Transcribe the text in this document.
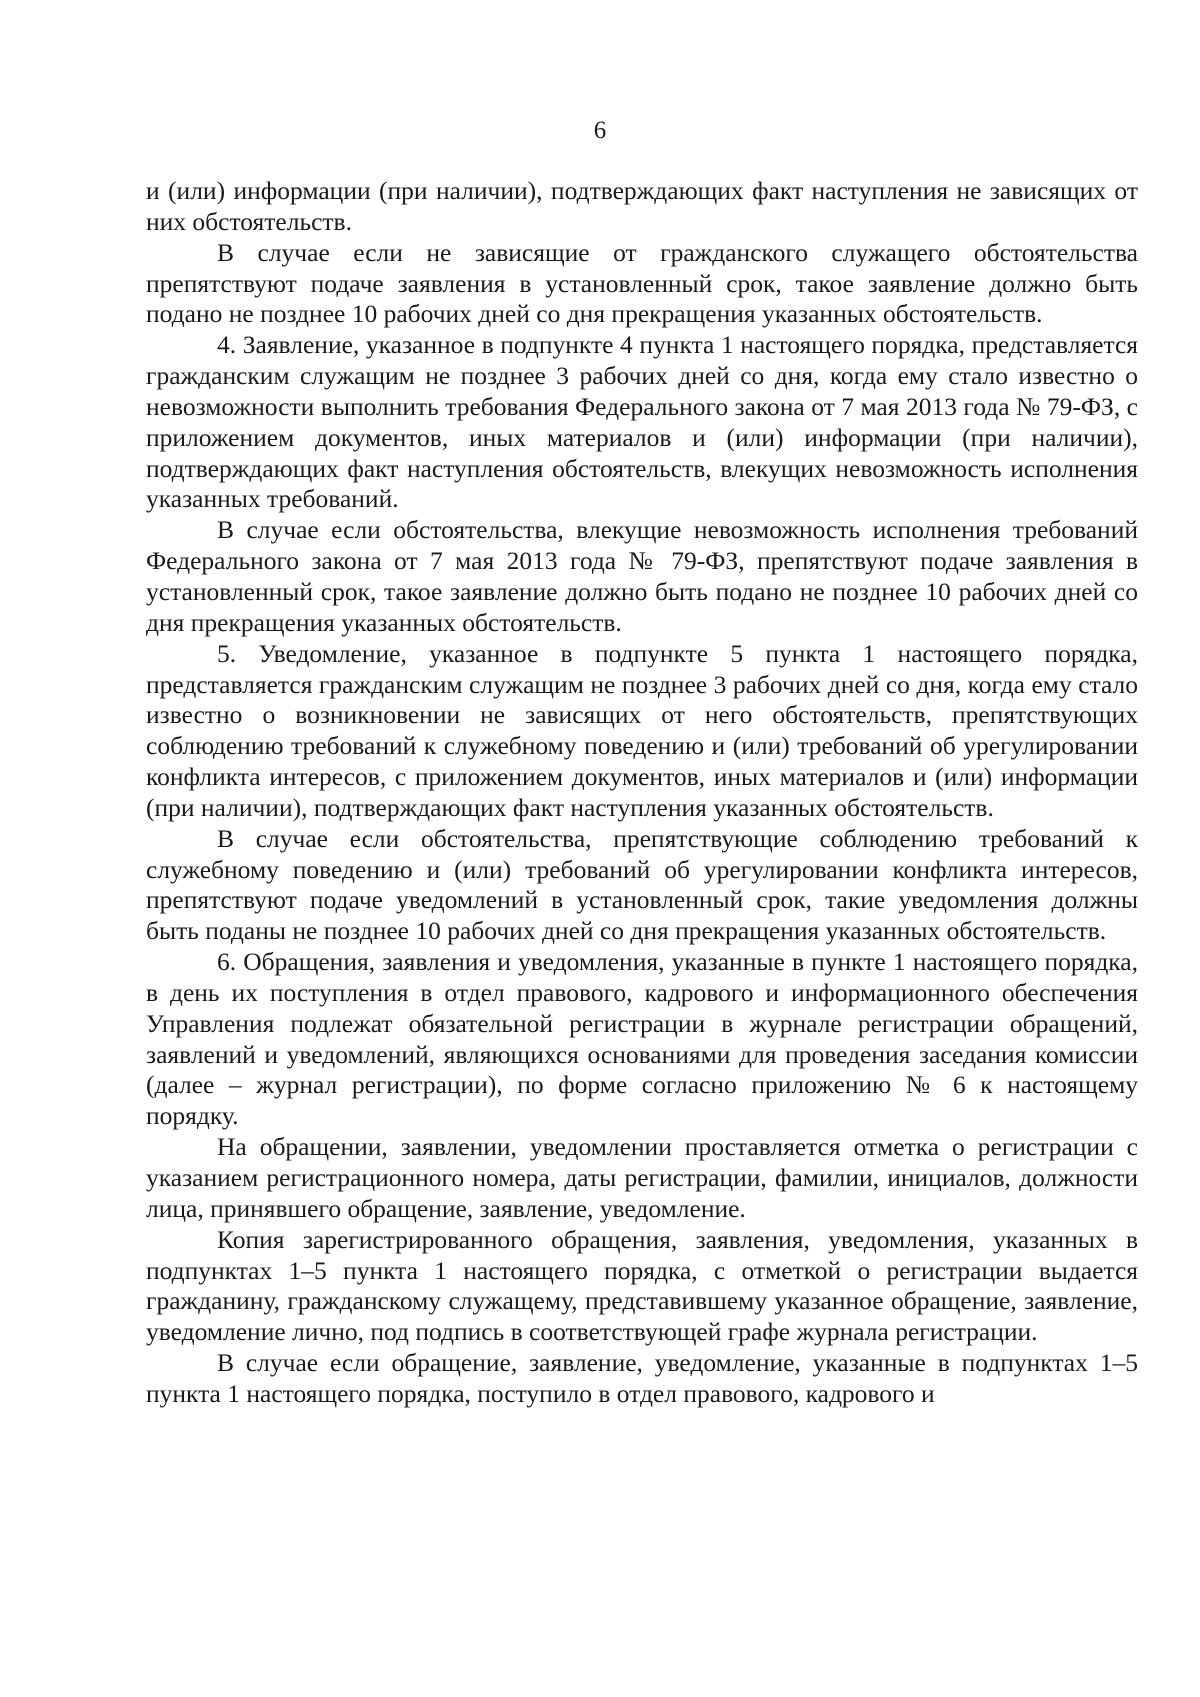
6

и (или) информации (при наличии), подтверждающих факт наступления не зависящих от них обстоятельств.

В случае если не зависящие от гражданского служащего обстоятельства препятствуют подаче заявления в установленный срок, такое заявление должно быть подано не позднее 10 рабочих дней со дня прекращения указанных обстоятельств.

4. Заявление, указанное в подпункте 4 пункта 1 настоящего порядка, представляется гражданским служащим не позднее 3 рабочих дней со дня, когда ему стало известно о невозможности выполнить требования Федерального закона от 7 мая 2013 года № 79-ФЗ, с приложением документов, иных материалов и (или) информации (при наличии), подтверждающих факт наступления обстоятельств, влекущих невозможность исполнения указанных требований.

В случае если обстоятельства, влекущие невозможность исполнения требований Федерального закона от 7 мая 2013 года № 79-ФЗ, препятствуют подаче заявления в установленный срок, такое заявление должно быть подано не позднее 10 рабочих дней со дня прекращения указанных обстоятельств.

5. Уведомление, указанное в подпункте 5 пункта 1 настоящего порядка, представляется гражданским служащим не позднее 3 рабочих дней со дня, когда ему стало известно о возникновении не зависящих от него обстоятельств, препятствующих соблюдению требований к служебному поведению и (или) требований об урегулировании конфликта интересов, с приложением документов, иных материалов и (или) информации (при наличии), подтверждающих факт наступления указанных обстоятельств.

В случае если обстоятельства, препятствующие соблюдению требований к служебному поведению и (или) требований об урегулировании конфликта интересов, препятствуют подаче уведомлений в установленный срок, такие уведомления должны быть поданы не позднее 10 рабочих дней со дня прекращения указанных обстоятельств.

6. Обращения, заявления и уведомления, указанные в пункте 1 настоящего порядка, в день их поступления в отдел правового, кадрового и информационного обеспечения Управления подлежат обязательной регистрации в журнале регистрации обращений, заявлений и уведомлений, являющихся основаниями для проведения заседания комиссии (далее – журнал регистрации), по форме согласно приложению № 6 к настоящему порядку.

На обращении, заявлении, уведомлении проставляется отметка о регистрации с указанием регистрационного номера, даты регистрации, фамилии, инициалов, должности лица, принявшего обращение, заявление, уведомление.

Копия зарегистрированного обращения, заявления, уведомления, указанных в подпунктах 1–5 пункта 1 настоящего порядка, с отметкой о регистрации выдается гражданину, гражданскому служащему, представившему указанное обращение, заявление, уведомление лично, под подпись в соответствующей графе журнала регистрации.

В случае если обращение, заявление, уведомление, указанные в подпунктах 1–5 пункта 1 настоящего порядка, поступило в отдел правового, кадрового и
